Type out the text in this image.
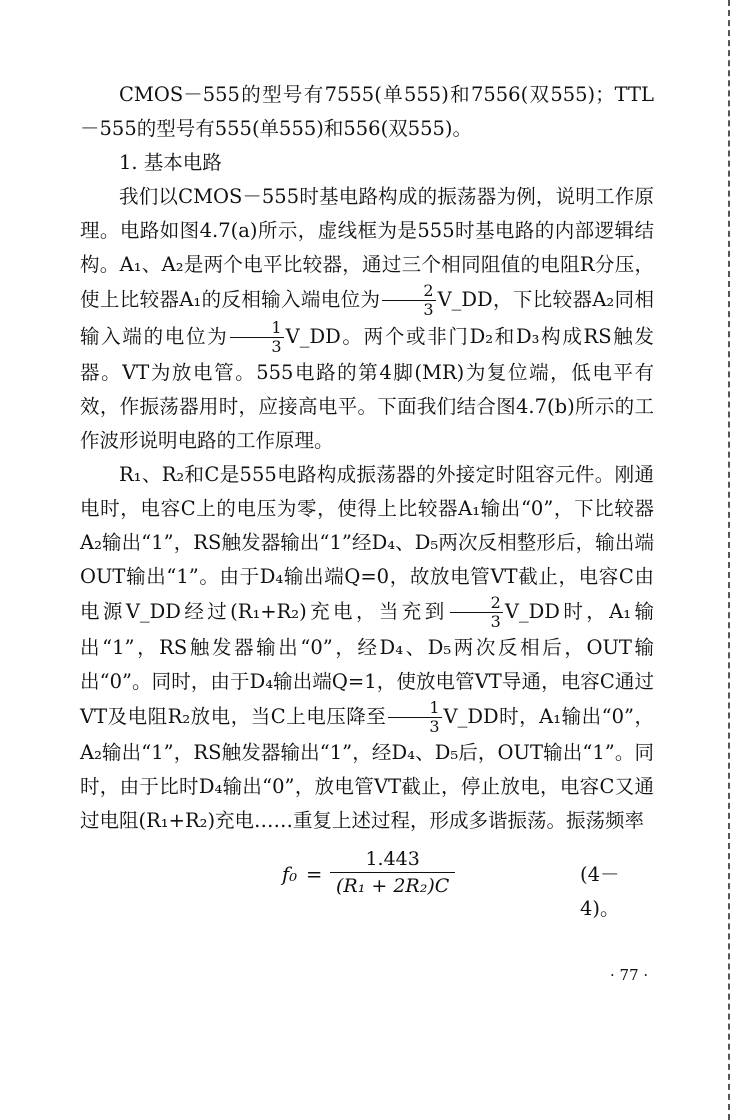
CMOS－555的型号有7555(单555)和7556(双555)；TTL－555的型号有555(单555)和556(双555)。

1. 基本电路

我们以CMOS－555时基电路构成的振荡器为例，说明工作原理。电路如图4.7(a)所示，虚线框为是555时基电路的内部逻辑结构。A₁、A₂是两个电平比较器，通过三个相同阻值的电阻R分压，使上比较器A₁的反相输入端电位为 $\frac{2}{3}$ V_DD，下比较器A₂同相输入端的电位为 $\frac{1}{3}$ V_DD。两个或非门D₂和D₃构成RS触发器。VT为放电管。555电路的第4脚(MR)为复位端，低电平有效，作振荡器用时，应接高电平。下面我们结合图4.7(b)所示的工作波形说明电路的工作原理。

R₁、R₂和C是555电路构成振荡器的外接定时阻容元件。刚通电时，电容C上的电压为零，使得上比较器A₁输出“0”，下比较器A₂输出“1”，RS触发器输出“1”经D₄、D₅两次反相整形后，输出端OUT输出“1”。由于D₄输出端Q=0，故放电管VT截止，电容C由电源V_DD经过(R₁+R₂)充电，当充到 $\frac{2}{3}$ V_DD时，A₁输出“1”，RS触发器输出“0”，经D₄、D₅两次反相后，OUT输出“0”。同时，由于D₄输出端Q=1，使放电管VT导通，电容C通过VT及电阻R₂放电，当C上电压降至 $\frac{1}{3}$ V_DD时，A₁输出“0”，A₂输出“1”，RS触发器输出“1”，经D₄、D₅后，OUT输出“1”。同时，由于比时D₄输出“0”，放电管VT截止，停止放电，电容C又通过电阻(R₁+R₂)充电……重复上述过程，形成多谐振荡。振荡频率

$f_0 = \frac{1.443}{\text{(R₁ + 2R₂)C}}$	(4－4)。
· 77 ·
